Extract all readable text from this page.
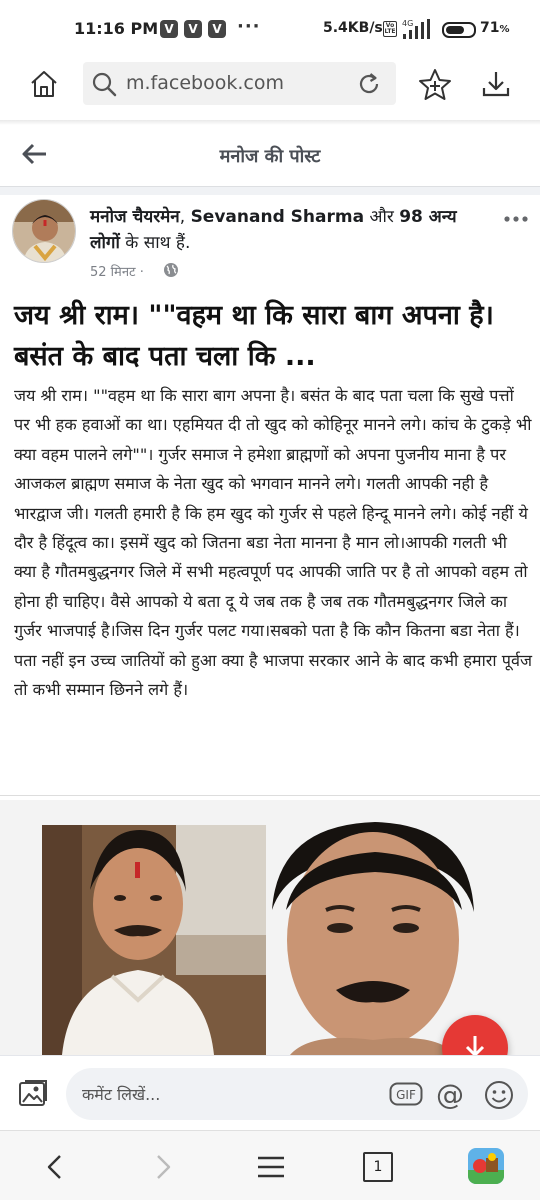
11:16 PM V	V	V ···	5.4KB/s Vo LTE
4G	71%
m.facebook.com
मनोज की पोस्ट
मनोज चैयरमेन, Sevanand Sharma और 98 अन्य लोगों के साथ हैं.
52 मिनट ·
जय श्री राम। ""वहम था कि सारा बाग अपना है। बसंत के बाद पता चला कि ...
जय श्री राम। ""वहम था कि सारा बाग अपना है। बसंत के बाद पता चला कि सुखे पत्तों पर भी हक हवाओं का था। एहमियत दी तो खुद को कोहिनूर मानने लगे। कांच के टुकड़े भी क्या वहम पालने लगे""। गुर्जर समाज ने हमेशा ब्राह्मणों को अपना पुजनीय माना है पर आजकल ब्राह्मण समाज के नेता खुद को भगवान मानने लगे। गलती आपकी नही है भारद्वाज जी। गलती हमारी है कि हम खुद को गुर्जर से पहले हिन्दू मानने लगे। कोई नहीं ये दौर है हिंदूत्व का। इसमें खुद को जितना बडा नेता मानना है मान लो।आपकी गलती भी क्या है गौतमबुद्धनगर जिले में सभी महत्वपूर्ण पद आपकी जाति पर है तो आपको वहम तो होना ही चाहिए। वैसे आपको ये बता दू ये जब तक है जब तक गौतमबुद्धनगर जिले का गुर्जर भाजपाई है।जिस दिन गुर्जर पलट गया।सबको पता है कि कौन कितना बडा नेता हैं। पता नहीं इन उच्च जातियों को हुआ क्या है भाजपा सरकार आने के बाद कभी हमारा पूर्वज तो कभी सम्मान छिनने लगे हैं।
कमेंट लिखें...
GIF @
1
